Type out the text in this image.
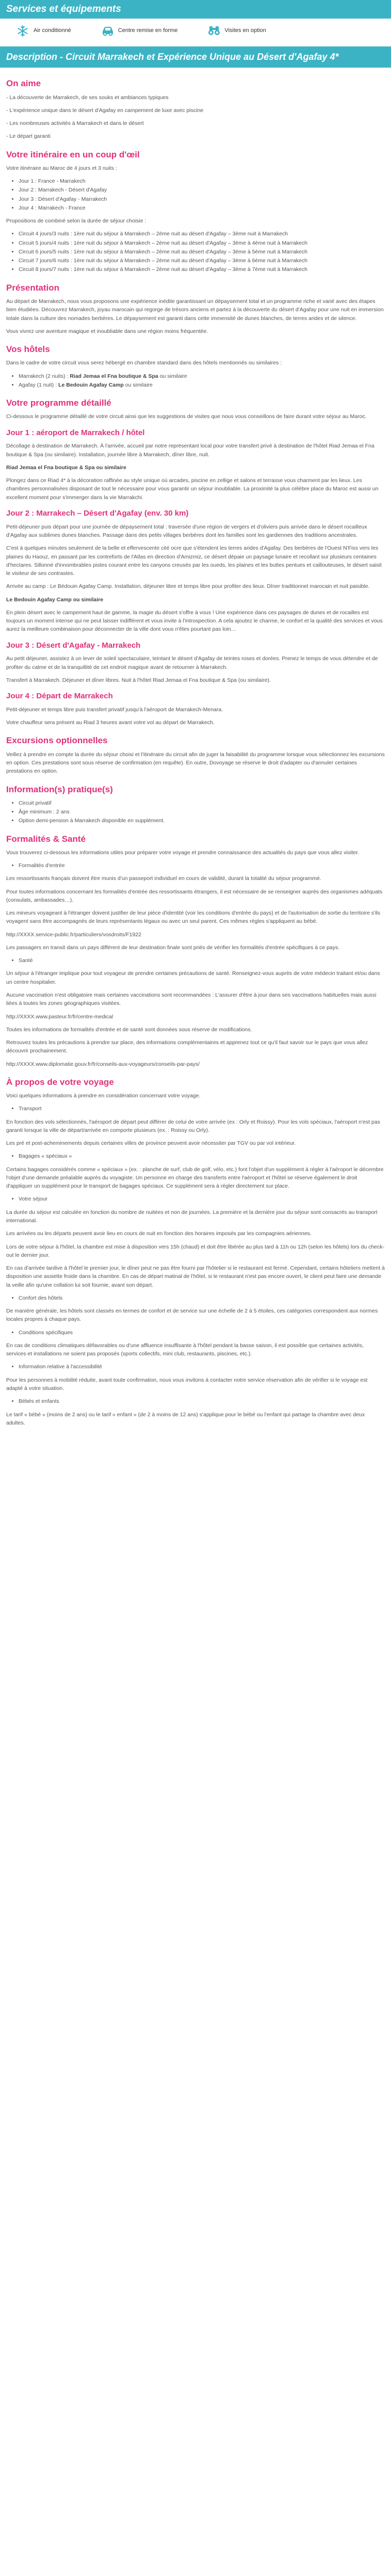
Services et équipements
Air conditionné	Centre remise en forme	Visites en option
Description - Circuit Marrakech et Expérience Unique au Désert d'Agafay 4*
On aime

- La découverte de Marrakech, de ses souks et ambiances typiques

- L'expérience unique dans le désert d'Agafay en campement de luxe avec piscine

- Les nombreuses activités à Marrakech et dans le désert

- Le départ garanti

Votre itinéraire en un coup d'œil

Votre itinéraire au Maroc de 4 jours et 3 nuits :

• Jour 1 : France - Marrakech
• Jour 2 : Marrakech - Désert d'Agafay
• Jour 3 : Désert d'Agafay - Marrakech
• Jour 4 : Marrakech - France

Propositions de combiné selon la durée de séjour choisie :

• Circuit 4 jours/3 nuits : 1ère nuit du séjour à Marrakech – 2ème nuit au désert d'Agafay – 3ème nuit à Marrakech
• Circuit 5 jours/4 nuits : 1ère nuit du séjour à Marrakech – 2ème nuit au désert d'Agafay – 3ème à 4ème nuit à Marrakech
• Circuit 6 jours/5 nuits : 1ère nuit du séjour à Marrakech – 2ème nuit au désert d'Agafay – 3ème à 5ème nuit à Marrakech
• Circuit 7 jours/6 nuits : 1ère nuit du séjour à Marrakech – 2ème nuit au désert d'Agafay – 3ème à 6ème nuit à Marrakech
• Circuit 8 jours/7 nuits : 1ère nuit du séjour à Marrakech – 2ème nuit au désert d'Agafay – 3ème à 7ème nuit à Marrakech
Présentation

Au départ de Marrakech, nous vous proposons une expérience inédite garantissant un dépaysement total et un programme riche et varié avec des étapes bien étudiées. Découvrez Marrakech, joyau marocain qui regorge de trésors anciens et partez à la découverte du désert d'Agafay pour une nuit en immersion totale dans la culture des nomades berbères. Le dépaysement est garanti dans cette immensité de dunes blanches, de terres arides et de silence.

Vous vivrez une aventure magique et inoubliable dans une région moins fréquentée.

Vos hôtels

Dans le cadre de votre circuit vous serez hébergé en chambre standard dans des hôtels mentionnés ou similaires :

• Marrakech (2 nuits) : Riad Jemaa el Fna boutique & Spa ou similaire
• Agafay (1 nuit) : Le Bedouin Agafay Camp ou similaire
Votre programme détaillé

Ci-dessous le programme détaillé de votre circuit ainsi que les suggestions de visites que nous vous conseillons de faire durant votre séjour au Maroc.

Jour 1 : aéroport de Marrakech / hôtel

Décollage à destination de Marrakech. À l'arrivée, accueil par notre représentant local pour votre transfert privé à destination de l'hôtel Riad Jemaa el Fna boutique & Spa (ou similaire). Installation, journée libre à Marrakech, dîner libre, nuit.

Riad Jemaa el Fna boutique & Spa ou similaire

Plongez dans ce Riad 4* à la décoration raffinée au style unique où arcades, piscine en zellige et salons et terrasse vous charment par les lieux. Les chambres personnalisées disposant de tout le nécessaire pour vous garantir un séjour inoubliable. La proximité la plus célèbre place du Maroc est aussi un excellent moment pour s'immerger dans la vie Marrakchi.

Jour 2 : Marrakech – Désert d'Agafay (env. 30 km)

Petit-déjeuner puis départ pour une journée de dépaysement total : traversée d'une région de vergers et d'oliviers puis arrivée dans le désert rocailleux d'Agafay aux sublimes dunes blanches. Passage dans des petits villages berbères dont les familles sont les gardiennes des traditions ancestrales.

C'est à quelques minutes seulement de la belle et effervescente cité ocre que s'étendent les terres arides d'Agafay. Des berbères de l'Ouest N'Fiss vers les plaines du Haouz, en passant par les contreforts de l'Atlas en direction d'Amizmiz, ce désert dépaie un paysage lunaire et recollant sur plusieurs centaines d'hectares. Sillonné d'innombrables pistes courant entre les canyons creusés par les oueds, les plaines et les buttes pentues et caillouteuses, le désert saisit le visiteur de ses contrastes.

Arrivée au camp : Le Bédouin Agafay Camp. Installation, déjeuner libre et temps libre pour profiter des lieux. Dîner traditionnel marocain et nuit paisible.

Le Bedouin Agafay Camp ou similaire

En plein désert avec le campement haut de gamme, la magie du désert s'offre à vous ! Une expérience dans ces paysages de dunes et de rocailles est toujours un moment intense qui ne peut laisser indifférent et vous invite à l'introspection. A cela ajoutez le charme, le confort et la qualité des services et vous aurez la meilleure combinaison pour déconnecter de la ville dont vous n'êtes pourtant pas loin…

Jour 3 : Désert d'Agafay - Marrakech

Au petit déjeuner, assistez à un lever de soleil spectaculaire, teintant le désert d'Agafay de teintes roses et dorées. Prenez le temps de vous détendre et de profiter du calme et de la tranquillité de cet endroit magique avant de retourner à Marrakech.

Transfert à Marrakech. Déjeuner et dîner libres. Nuit à l'hôtel Riad Jemaa el Fna boutique & Spa (ou similaire).

Jour 4 : Départ de Marrakech

Petit-déjeuner et temps libre puis transfert privatif jusqu'à l'aéroport de Marrakech-Menara.

Votre chauffeur sera présent au Riad 3 heures avant votre vol au départ de Marrakech.

Excursions optionnelles

Veillez à prendre en compte la durée du séjour choisi et l'itinéraire du circuit afin de juger la faisabilité du programme lorsque vous sélectionnez les excursions en option. Ces prestations sont sous réserve de confirmation (en requête). En outre, Dovoyage se réserve le droit d'adapter ou d'annuler certaines prestations en option.

Information(s) pratique(s)
• Circuit privatif
• Âge minimum : 2 ans
• Option demi-pension à Marrakech disponible en supplément.
Formalités & Santé

Vous trouverez ci-dessous les informations utiles pour préparer votre voyage et prendre connaissance des actualités du pays que vous allez visiter.

• Formalités d'entrée

Les ressortissants français doivent être munis d'un passeport individuel en cours de validité, durant la totalité du séjour programmé.

Pour toutes informations concernant les formalités d'entrée des ressortissants étrangers, il est nécessaire de se renseigner auprès des organismes adéquats (consulats, ambassades…).

Les mineurs voyageant à l'étranger doivent justifier de leur pièce d'identité (voir les conditions d'entrée du pays) et de l'autorisation de sortie du territoire s'ils voyagent sans être accompagnés de leurs représentants légaux ou avec un seul parent. Ces mêmes règles s'appliquent au bébé.

http://XXXX.service-public.fr/particuliers/vosdroits/F1922

Les passagers en transit dans un pays différent de leur destination finale sont priés de vérifier les formalités d'entrée spécifiques à ce pays.

• Santé

Un séjour à l'étranger implique pour tout voyageur de prendre certaines précautions de santé. Renseignez-vous auprès de votre médecin traitant et/ou dans un centre hospitalier.

Aucune vaccination n'est obligatoire mais certaines vaccinations sont recommandées : L'assurer d'être à jour dans ses vaccinations habituelles mais aussi liées à toutes les zones géographiques visitées.

http://XXXX.www.pasteur.fr/fr/centre-medical

Toutes les informations de formalités d'entrée et de santé sont données sous réserve de modifications.

Retrouvez toutes les précautions à prendre sur place, des informations complémentaires et apprenez tout ce qu'il faut savoir sur le pays que vous allez découvrir prochainement.

http://XXXX.www.diplomatie.gouv.fr/fr/conseils-aux-voyageurs/conseils-par-pays/

À propos de votre voyage

Voici quelques informations à prendre en considération concernant votre voyage.

• Transport

En fonction des vols sélectionnés, l'aéroport de départ peut différer de celui de votre arrivée (ex : Orly et Roissy). Pour les vols spéciaux, l'aéroport n'est pas garanti lorsque la ville de départ/arrivée en comporte plusieurs (ex. : Roissy ou Orly).

Les pré et post-acheminements depuis certaines villes de province peuvent avoir nécessiter par TGV ou par vol intérieur.

• Bagages « spéciaux »

Certains bagages considérés comme « spéciaux » (ex. : planche de surf, club de golf, vélo, etc.) font l'objet d'un supplément à régler à l'aéroport le décembre l'objet d'une demande préalable auprès du voyagiste. Un personne en charge des transferts entre l'aéroport et l'hôtel se réserve également le droit d'appliquer un supplément pour le transport de bagages spéciaux. Ce supplément sera à régler directement sur place.

• Votre séjour

La durée du séjour est calculée en fonction du nombre de nuitées et non de journées. La première et la dernière jour du séjour sont consacrés au transport international.

Les arrivées ou les départs peuvent avoir lieu en cours de nuit en fonction des horaires imposés par les compagnies aériennes.

Lors de votre séjour à l'hôtel, la chambre est mise à disposition vers 15h (chaud) et doit être libérée au plus tard à 11h ou 12h (selon les hôtels) lors du check-out le dernier jour.

En cas d'arrivée tardive à l'hôtel le premier jour, le dîner peut ne pas être fourni par l'hôtelier si le restaurant est fermé. Cependant, certains hôteliers mettent à disposition une assiette froide dans la chambre. En cas de départ matinal de l'hôtel, si le restaurant n'est pas encore ouvert, le client peut faire une demande la veille afin qu'une collation lui soit fournie, avant son départ.

• Confort des hôtels

De manière générale, les hôtels sont classés en termes de confort et de service sur une échelle de 2 à 5 étoiles, ces catégories correspondent aux normes locales propres à chaque pays.

• Conditions spécifiques

En cas de conditions climatiques défavorables ou d'une affluence insuffisante à l'hôtel pendant la basse saison, il est possible que certaines activités, services et installations ne soient pas proposés (sports collectifs, mini club, restaurants, piscines, etc.).

• Information relative à l'accessibilité

Pour les personnes à mobilité réduite, avant toute confirmation, nous vous invitons à contacter notre service réservation afin de vérifier si le voyage est adapté à votre situation.

• Bébés et enfants

Le tarif « bébé » (moins de 2 ans) ou le tarif « enfant » (de 2 à moins de 12 ans) s'applique pour le bébé ou l'enfant qui partage la chambre avec deux adultes.
